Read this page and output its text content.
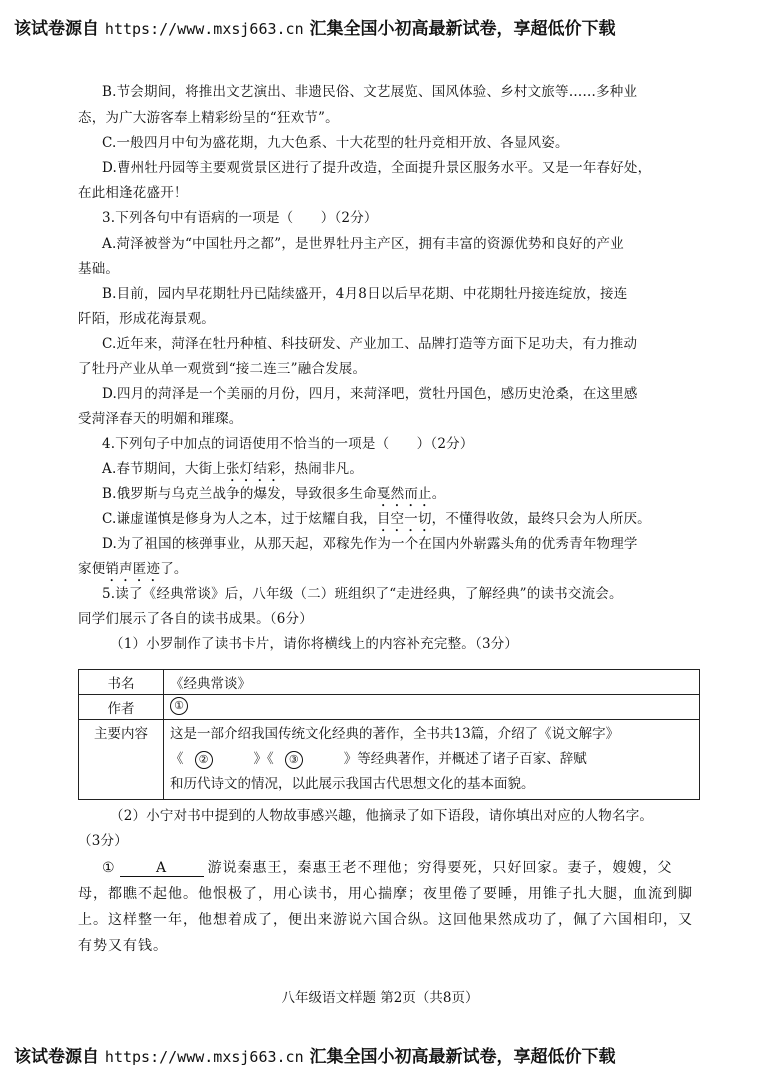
该试卷源自 https://www.mxsj663.cn 汇集全国小初高最新试卷，享超低价下载
B.节会期间，将推出文艺演出、非遗民俗、文艺展览、国风体验、乡村文旅等……多种业
态，为广大游客奉上精彩纷呈的“狂欢节”。
C.一般四月中旬为盛花期，九大色系、十大花型的牡丹竞相开放、各显风姿。
D.曹州牡丹园等主要观赏景区进行了提升改造，全面提升景区服务水平。又是一年春好处，
在此相逢花盛开！
3.下列各句中有语病的一项是（　　）（2分）
A.菏泽被誉为“中国牡丹之都”，是世界牡丹主产区，拥有丰富的资源优势和良好的产业
基础。
B.目前，园内早花期牡丹已陆续盛开，4月8日以后早花期、中花期牡丹接连绽放，接连
阡陌，形成花海景观。
C.近年来，菏泽在牡丹种植、科技研发、产业加工、品牌打造等方面下足功夫，有力推动
了牡丹产业从单一观赏到“接二连三”融合发展。
D.四月的菏泽是一个美丽的月份，四月，来菏泽吧，赏牡丹国色，感历史沧桑，在这里感
受菏泽春天的明媚和璀璨。
4.下列句子中加点的词语使用不恰当的一项是（　　）（2分）
A.春节期间，大街上张灯结彩，热闹非凡。
B.俄罗斯与乌克兰战争的爆发，导致很多生命戛然而止。
C.谦虚谨慎是修身为人之本，过于炫耀自我，目空一切，不懂得收敛，最终只会为人所厌。
D.为了祖国的核弹事业，从那天起，邓稼先作为一个在国内外崭露头角的优秀青年物理学
家便销声匿迹了。
5.读了《经典常谈》后，八年级（二）班组织了“走进经典，了解经典”的读书交流会。
同学们展示了各自的读书成果。（6分）
（1）小罗制作了读书卡片，请你将横线上的内容补充完整。（3分）
书名	《经典常谈》
作者	①
主要内容	这是一部介绍我国传统文化经典的著作，全书共13篇，介绍了《说文解字》
《 ② 》《 ③ 》等经典著作，并概述了诸子百家、辞赋
和历代诗文的情况，以此展示我国古代思想文化的基本面貌。
（2）小宁对书中提到的人物故事感兴趣，他摘录了如下语段，请你填出对应的人物名字。
（3分）
①	A	游说秦惠王，秦惠王老不理他；穷得要死，只好回家。妻子，嫂嫂，父
母，都瞧不起他。他恨极了，用心读书，用心揣摩；夜里倦了要睡，用锥子扎大腿，血流到脚
上。这样整一年，他想着成了，便出来游说六国合纵。这回他果然成功了，佩了六国相印，又
有势又有钱。
八年级语文样题 第2页（共8页）
该试卷源自 https://www.mxsj663.cn 汇集全国小初高最新试卷，享超低价下载
